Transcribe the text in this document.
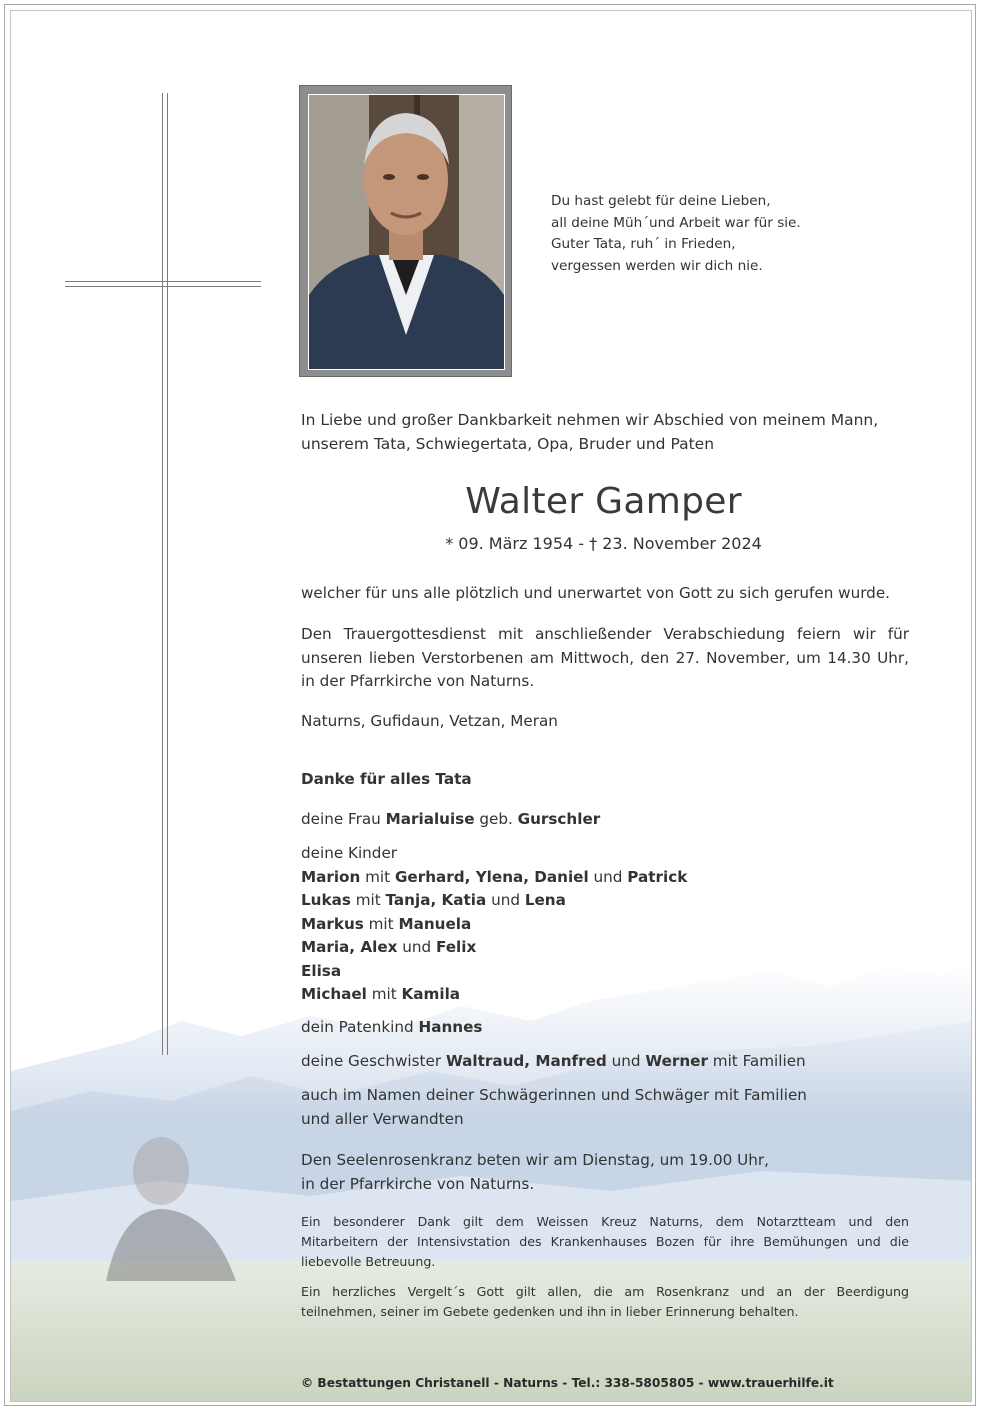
Du hast gelebt für deine Lieben,
all deine Müh´und Arbeit war für sie.
Guter Tata, ruh´ in Frieden,
vergessen werden wir dich nie.
In Liebe und großer Dankbarkeit nehmen wir Abschied von meinem Mann,
unserem Tata, Schwiegertata, Opa, Bruder und Paten
Walter Gamper
* 09. März 1954 - † 23. November 2024
welcher für uns alle plötzlich und unerwartet von Gott zu sich gerufen wurde.
Den Trauergottesdienst mit anschließender Verabschiedung feiern wir für
unseren lieben Verstorbenen am Mittwoch, den 27. November, um 14.30 Uhr,
in der Pfarrkirche von Naturns.
Naturns, Gufidaun, Vetzan, Meran
Danke für alles Tata
deine Frau Marialuise geb. Gurschler
deine Kinder
Marion mit Gerhard, Ylena, Daniel und Patrick
Lukas mit Tanja, Katia und Lena
Markus mit Manuela
Maria, Alex und Felix
Elisa
Michael mit Kamila
dein Patenkind Hannes
deine Geschwister Waltraud, Manfred und Werner mit Familien
auch im Namen deiner Schwägerinnen und Schwäger mit Familien
und aller Verwandten
Den Seelenrosenkranz beten wir am Dienstag, um 19.00 Uhr,
in der Pfarrkirche von Naturns.
Ein besonderer Dank gilt dem Weissen Kreuz Naturns, dem Notarztteam und den
Mitarbeitern der Intensivstation des Krankenhauses Bozen für ihre Bemühungen und die
liebevolle Betreuung.
Ein herzliches Vergelt´s Gott gilt allen, die am Rosenkranz und an der Beerdigung
teilnehmen, seiner im Gebete gedenken und ihn in lieber Erinnerung behalten.
© Bestattungen Christanell - Naturns - Tel.: 338-5805805 - www.trauerhilfe.it
